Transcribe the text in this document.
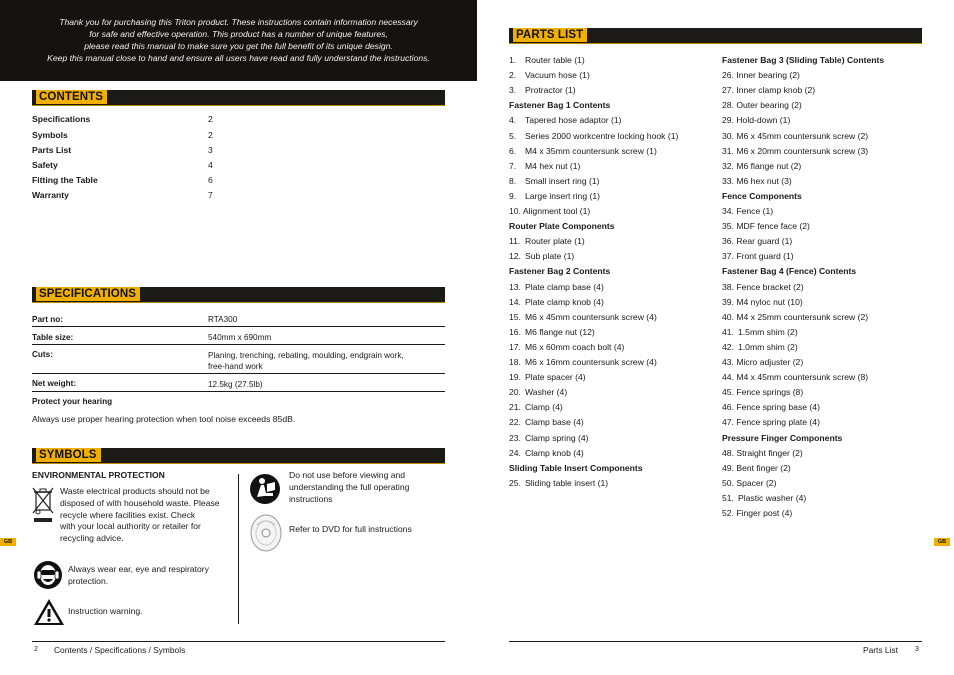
Thank you for purchasing this Triton product. These instructions contain information necessary
for safe and effective operation. This product has a number of unique features,
please read this manual to make sure you get the full benefit of its unique design.
Keep this manual close to hand and ensure all users have read and fully understand the instructions.
CONTENTS
Specifications	2
Symbols	2
Parts List	3
Safety	4
Fitting the Table	6
Warranty	7
SPECIFICATIONS
Part no:	RTA300
Table size:	540mm x 690mm
Cuts:	Planing, trenching, rebating, moulding, endgrain work,
free-hand work
Net weight:	12.5kg (27.5lb)
Protect your hearing
Always use proper hearing protection when tool noise exceeds 85dB.
SYMBOLS
ENVIRONMENTAL PROTECTION
Waste electrical products should not be
disposed of with household waste. Please
recycle where facilities exist. Check
with your local authority or retailer for
recycling advice.
Always wear ear, eye and respiratory
protection.
Instruction warning.
Do not use before viewing and
understanding the full operating
instructions
Refer to DVD for full instructions
GB
2 Contents / Specifications / Symbols
PARTS LIST
1. Router table (1)
2. Vacuum hose (1)
3. Protractor (1)
Fastener Bag 1 Contents
4. Tapered hose adaptor (1)
5. Series 2000 workcentre locking hook (1)
6. M4 x 35mm countersunk screw (1)
7. M4 hex nut (1)
8. Small insert ring (1)
9. Large insert ring (1)
10. Alignment tool (1)
Router Plate Components
11. Router plate (1)
12. Sub plate (1)
Fastener Bag 2 Contents
13. Plate clamp base (4)
14. Plate clamp knob (4)
15. M6 x 45mm countersunk screw (4)
16. M6 flange nut (12)
17. M6 x 60mm coach bolt (4)
18. M6 x 16mm countersunk screw (4)
19. Plate spacer (4)
20. Washer (4)
21. Clamp (4)
22. Clamp base (4)
23. Clamp spring (4)
24. Clamp knob (4)
Sliding Table Insert Components
25. Sliding table insert (1)
Fastener Bag 3 (Sliding Table) Contents
26. Inner bearing (2)
27. Inner clamp knob (2)
28. Outer bearing (2)
29. Hold-down (1)
30. M6 x 45mm countersunk screw (2)
31. M6 x 20mm countersunk screw (3)
32. M6 flange nut (2)
33. M6 hex nut (3)
Fence Components
34. Fence (1)
35. MDF fence face (2)
36. Rear guard (1)
37. Front guard (1)
Fastener Bag 4 (Fence) Contents
38. Fence bracket (2)
39. M4 nyloc nut (10)
40. M4 x 25mm countersunk screw (2)
41. 1.5mm shim (2)
42. 1.0mm shim (2)
43. Micro adjuster (2)
44. M4 x 45mm countersunk screw (8)
45. Fence springs (8)
46. Fence spring base (4)
47. Fence spring plate (4)
Pressure Finger Components
48. Straight finger (2)
49. Bent finger (2)
50. Spacer (2)
51. Plastic washer (4)
52. Finger post (4)
GB
Parts List 3
